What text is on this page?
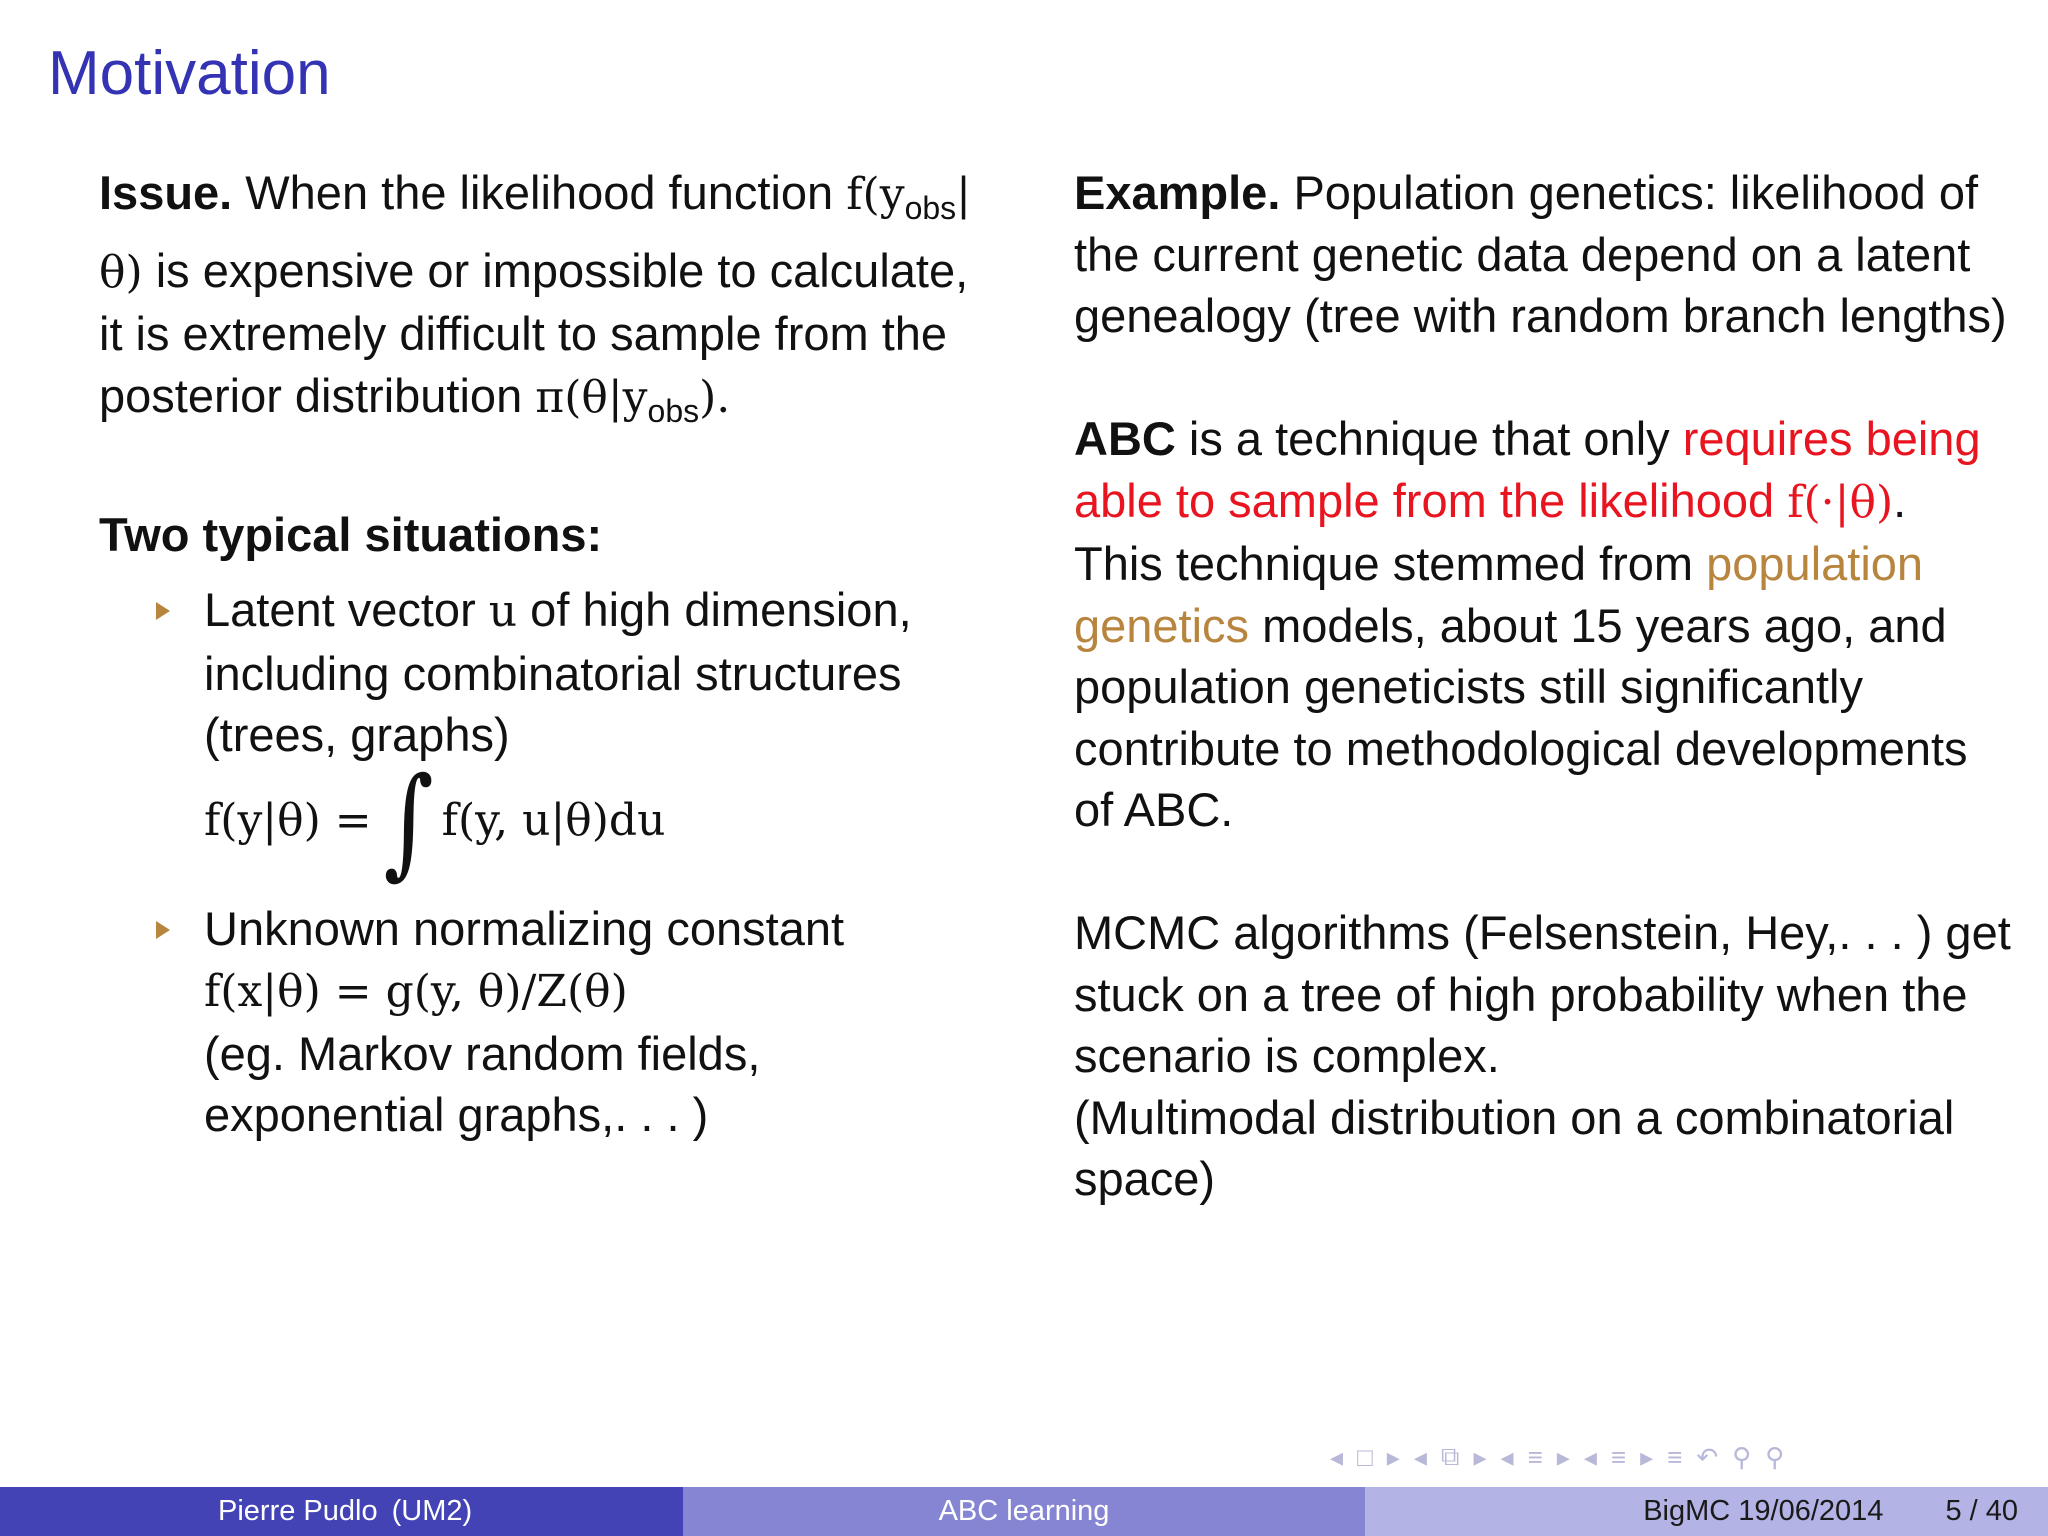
Motivation

Issue. When the likelihood function $f(y_{obs}|\theta)$ is expensive or impossible to calculate, it is extremely difficult to sample from the posterior distribution $\pi(\theta|y_{obs})$.

Two typical situations:

Latent vector u of high dimension, including combinatorial structures (trees, graphs)
f(y|θ) = ∫ f(y, u|θ)du
Unknown normalizing constant
f(x|θ) = g(y, θ)/Z(θ)
(eg. Markov random fields, exponential graphs,. . . )

Example. Population genetics: likelihood of the current genetic data depend on a latent genealogy (tree with random branch lengths)

ABC is a technique that only requires being able to sample from the likelihood f(·|θ).

This technique stemmed from population genetics models, about 15 years ago, and population geneticists still significantly contribute to methodological developments of ABC.

MCMC algorithms (Felsenstein, Hey,. . . ) get stuck on a tree of high probability when the scenario is complex.

(Multimodal distribution on a combinatorial space)

◂ □ ▸ ◂ ⧉ ▸ ◂ ≡ ▸ ◂ ≡ ▸ ≡ ↶ ⚲ ⚲
Pierre Pudlo (UM2)	ABC learning	BigMC 19/06/2014 5 / 40
